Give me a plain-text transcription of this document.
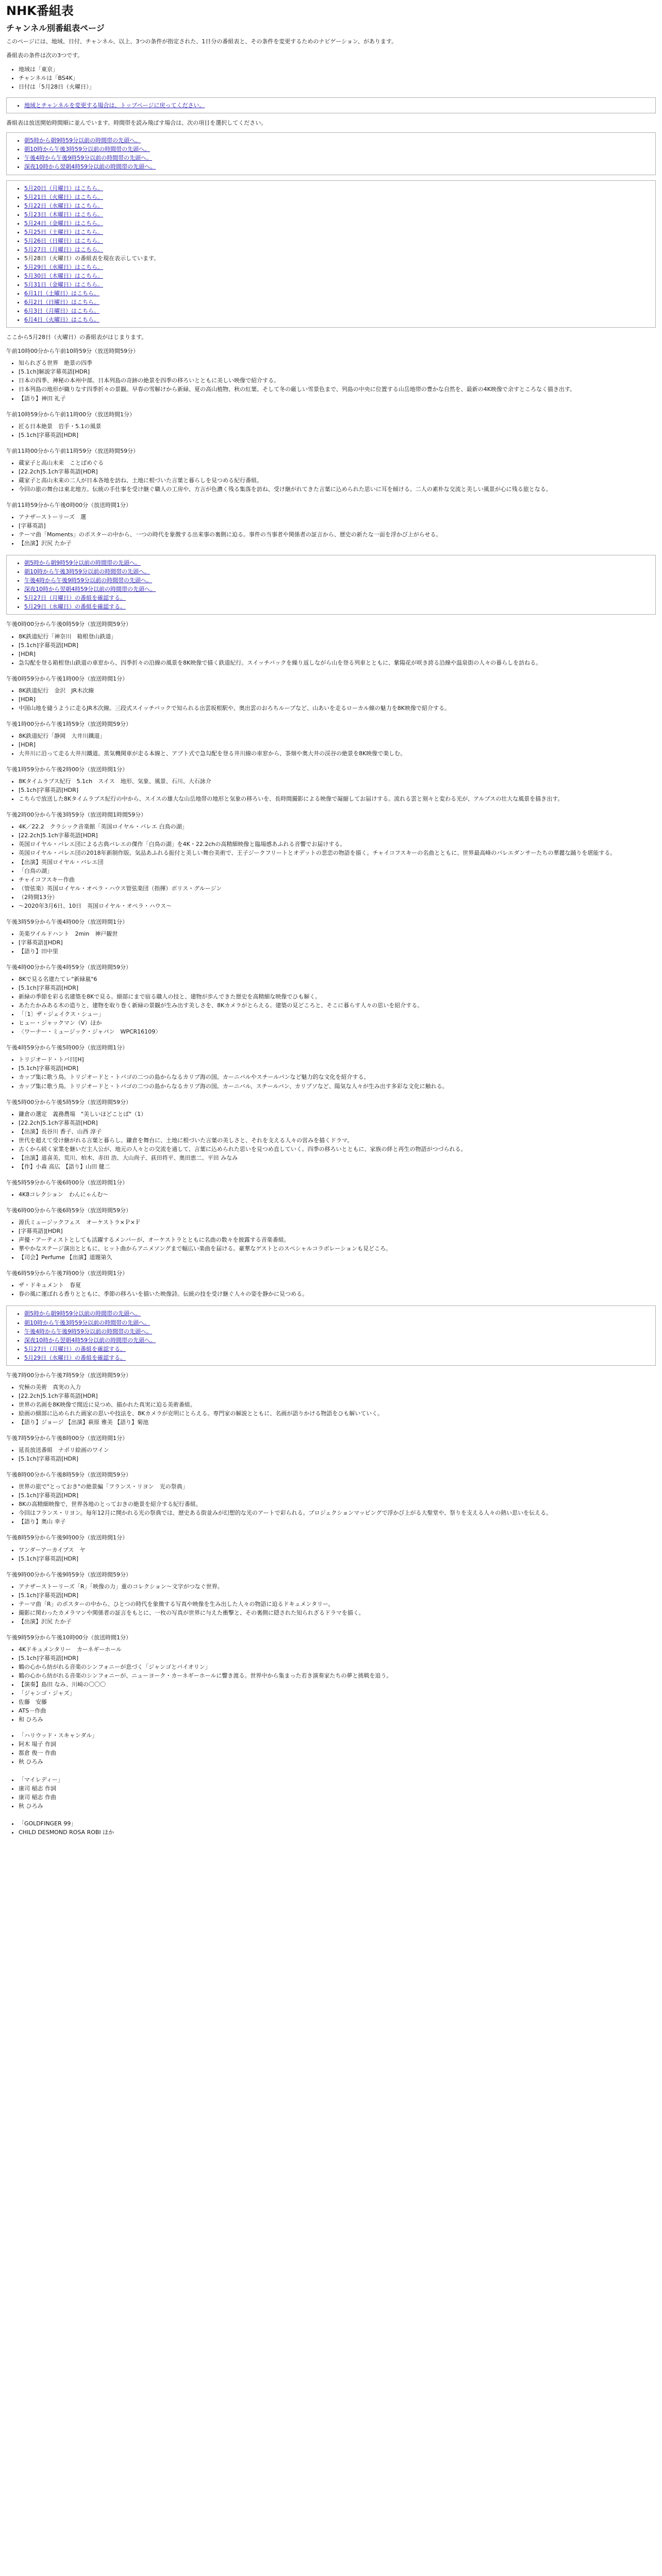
NHK番組表
チャンネル別番組表ページ

このページには、地域、日付、チャンネル、以上、3つの条件が指定された、1日分の番組表と、その条件を変更するためのナビゲーション、があります。

番組表の条件は次の3つです。

• 地域は「東京」
• チャンネルは「BS4K」
• 日付は「5月28日（火曜日）」
• 地域とチャンネルを変更する場合は、トップページに戻ってください。

番組表は放送開始時間順に並んでいます。時間帯を読み飛ばす場合は、次の項目を選択してください。

• 朝5時から朝9時59分以前の時間帯の先頭へ。
• 朝10時から午後3時59分以前の時間帯の先頭へ。
• 午後4時から午後9時59分以前の時間帯の先頭へ。
• 深夜10時から翌朝4時59分以前の時間帯の先頭へ。
• 5月20日（月曜日）はこちら。
• 5月21日（火曜日）はこちら。
• 5月22日（水曜日）はこちら。
• 5月23日（木曜日）はこちら。
• 5月24日（金曜日）はこちら。
• 5月25日（土曜日）はこちら。
• 5月26日（日曜日）はこちら。
• 5月27日（月曜日）はこちら。
• 5月28日（火曜日）の番組表を現在表示しています。
• 5月29日（水曜日）はこちら。
• 5月30日（木曜日）はこちら。
• 5月31日（金曜日）はこちら。
• 6月1日（土曜日）はこちら。
• 6月2日（日曜日）はこちら。
• 6月3日（月曜日）はこちら。
• 6月4日（火曜日）はこちら。

ここから5月28日（火曜日）の番組表がはじまります。

午前10時00分から午前10時59分（放送時間59分）

• 知られざる世界　絶景の四季
• [5.1ch]解説字幕英語[HDR]
• 日本の四季、神秘の本州中部。日本列島の奇跡の絶景を四季の移ろいとともに美しい映像で紹介する。
• 日本列島の地形が織りなす四季折々の景観。早春の雪解けから新緑、夏の高山植物、秋の紅葉、そして冬の厳しい雪景色まで、列島の中央に位置する山岳地帯の豊かな自然を、最新の4K映像で余すところなく描き出す。
• 【語り】神田 礼子

午前10時59分から午前11時00分（放送時間1分）

• 匠る日本絶景　岩手・5.1の風景
• [5.1ch]字幕英語[HDR]

午前11時00分から午前11時59分（放送時間59分）

• 蔵家子と高山未来　ことばめぐる
• [22.2ch]5.1ch字幕英語[HDR]
• 蔵家子と高山未来の二人が日本各地を訪ね、土地に根づいた言葉と暮らしを見つめる紀行番組。
• 今回の旅の舞台は東北地方。伝統の手仕事を受け継ぐ職人の工房や、方言が色濃く残る集落を訪ね、受け継がれてきた言葉に込められた思いに耳を傾ける。二人の素朴な交流と美しい風景が心に残る旅となる。

午前11時59分から午後0時00分（放送時間1分）

• アナザーストーリーズ　選
• [字幕英語]
• テーマ曲「Moments」のポスターの中から、一つの時代を象徴する出来事の裏側に迫る。事件の当事者や関係者の証言から、歴史の新たな一面を浮かび上がらせる。
• 【出演】沢尻 たか子
• 朝5時から朝9時59分以前の時間帯の先頭へ。
• 朝10時から午後3時59分以前の時間帯の先頭へ。
• 午後4時から午後9時59分以前の時間帯の先頭へ。
• 深夜10時から翌朝4時59分以前の時間帯の先頭へ。
• 5月27日（月曜日）の番組を確認する。
• 5月29日（水曜日）の番組を確認する。

午後0時00分から午後0時59分（放送時間59分）

• 8K鉄道紀行「神奈川　箱根登山鉄道」
• [5.1ch]字幕英語[HDR]
• [HDR]
• 急勾配を登る箱根登山鉄道の車窓から、四季折々の沿線の風景を8K映像で描く鉄道紀行。スイッチバックを繰り返しながら山を登る列車とともに、紫陽花が咲き誇る沿線や温泉街の人々の暮らしを訪ねる。

午後0時59分から午後1時00分（放送時間1分）

• 8K鉄道紀行　金沢　JR木次線
• [HDR]
• 中国山地を縫うように走るJR木次線。三段式スイッチバックで知られる出雲坂根駅や、奥出雲のおろちループなど、山あいを走るローカル線の魅力を8K映像で紹介する。

午後1時00分から午後1時59分（放送時間59分）

• 8K鉄道紀行「静岡　大井川鐵道」
• [HDR]
• 大井川に沿って走る大井川鐵道。蒸気機関車が走る本線と、アプト式で急勾配を登る井川線の車窓から、茶畑や奥大井の渓谷の絶景を8K映像で楽しむ。

午後1時59分から午後2時00分（放送時間1分）

• 8Kタイムラプス紀行　5.1ch　スイス　地形、気象、風景、石川、大石詠介
• [5.1ch]字幕英語[HDR]
• こちらで放送した8Kタイムラプス紀行の中から、スイスの雄大な山岳地帯の地形と気象の移ろいを、長時間撮影による映像で凝縮してお届けする。流れる雲と刻々と変わる光が、アルプスの壮大な風景を描き出す。

午後2時00分から午後3時59分（放送時間1時間59分）

• 4K／22.2　クラシック音楽館「英国ロイヤル・バレエ 白鳥の湖」
• [22.2ch]5.1ch字幕英語[HDR]
• 英国ロイヤル・バレエ団による古典バレエの傑作「白鳥の湖」を4K・22.2chの高精細映像と臨場感あふれる音響でお届けする。
• 英国ロイヤル・バレエ団の2018年新制作版。気品あふれる振付と美しい舞台美術で、王子ジークフリートとオデットの悲恋の物語を描く。チャイコフスキーの名曲とともに、世界最高峰のバレエダンサーたちの華麗な踊りを堪能する。
• 【出演】英国ロイヤル・バレエ団
• 「白鳥の湖」
• チャイコフスキー作曲
• （管弦楽）英国ロイヤル・オペラ・ハウス管弦楽団（指揮）ボリス・グルージン
• （2時間13分）
• ～2020年3月6日、10日　英国ロイヤル・オペラ・ハウス～

午後3時59分から午後4時00分（放送時間1分）

• 美楽ワイルドハント　2min　神戸観世
• [字幕英語][HDR]
• 【語り】田中里

午後4時00分から午後4時59分（放送時間59分）

• 8Kで見る名建たてレ"新緑嵐"6
• [5.1ch]字幕英語[HDR]
• 新緑の季節を彩る名建築を8Kで見る。細部にまで宿る職人の技と、建物が歩んできた歴史を高精細な映像でひも解く。
• あたたかみある木の造りと、建物を取り巻く新緑の景観が生み出す美しさを、8Kカメラがとらえる。建築の見どころと、そこに暮らす人々の思いを紹介する。
• 「〔1〕ザ・ジェイクス・シュー」
• ヒュー・ジャックマン（V）ほか
• 〈ワーナー・ミュージック・ジャパン　WPCR16109〉

午後4時59分から午後5時00分（放送時間1分）

• トリジオード・トバ日[H]
• [5.1ch]字幕英語[HDR]
• カップ集に歌う鳥。トリジオードと・トバゴの二つの島からなるカリブ海の国。カーニバルやスチールパンなど魅力的な文化を紹介する。
• カップ集に歌う鳥。トリジオードと・トバゴの二つの島からなるカリブ海の国。カーニバル、スチールパン、カリプソなど、陽気な人々が生み出す多彩な文化に触れる。

午後5時00分から午後5時59分（放送時間59分）

• 鎌倉の選定　義務農場　"美しいほどことば"（1）
• [22.2ch]5.1ch字幕英語[HDR]
• 【出演】長谷川 香子、山西 淳子
• 世代を超えて受け継がれる言葉と暮らし。鎌倉を舞台に、土地に根づいた言葉の美しさと、それを支える人々の営みを描くドラマ。
• 古くから続く家業を継いだ主人公が、地元の人々との交流を通して、言葉に込められた思いを見つめ直していく。四季の移ろいとともに、家族の絆と再生の物語がつづられる。
• 【出演】道喜美、荒川、柏木、赤田 浩、大山尚子、荻田将平、奥田恵二、平田 みなみ
• 【作】小森 高広　【語り】山田 健二

午後5時59分から午後6時00分（放送時間1分）

• 4K8コレクション　わんにゃんむ～

午後6時00分から午後6時59分（放送時間59分）

• 源氏ミュージックフェス　オーケストラ×Ｐ×Ｆ
• [字幕英語][HDR]
• 声優・アーティストとしても活躍するメンバーが、オーケストラとともに名曲の数々を披露する音楽番組。
• 華やかなステージ演出とともに、ヒット曲からアニメソングまで幅広い楽曲を届ける。豪華なゲストとのスペシャルコラボレーションも見どころ。
• 【司会】Perfume 【出演】道題第久

午後6時59分から午後7時00分（放送時間1分）

• ザ・ドキュメント　春夏
• 春の風に運ばれる香りとともに、季節の移ろいを描いた映像詩。伝統の技を受け継ぐ人々の姿を静かに見つめる。
• 朝5時から朝9時59分以前の時間帯の先頭へ。
• 朝10時から午後3時59分以前の時間帯の先頭へ。
• 午後4時から午後9時59分以前の時間帯の先頭へ。
• 深夜10時から翌朝4時59分以前の時間帯の先頭へ。
• 5月27日（月曜日）の番組を確認する。
• 5月29日（水曜日）の番組を確認する。

午後7時00分から午後7時59分（放送時間59分）

• 究極の美術　真実の入力
• [22.2ch]5.1ch字幕英語[HDR]
• 世界の名画を8K映像で間近に見つめ、描かれた真実に迫る美術番組。
• 絵画の細部に込められた画家の思いや技法を、8Kカメラが克明にとらえる。専門家の解説とともに、名画が語りかける物語をひも解いていく。
• 【語り】ジョージ 【出演】萩原 雅美 【語り】菊池

午後7時59分から午後8時00分（放送時間1分）

• 延長放送番組　ナポリ絵画のワイン
• [5.1ch]字幕英語[HDR]

午後8時00分から午後8時59分（放送時間59分）

• 世界の旅で"とっておき"の絶景編「フランス・リヨン　光の祭典」
• [5.1ch]字幕英語[HDR]
• 8Kの高精細映像で、世界各地のとっておきの絶景を紹介する紀行番組。
• 今回はフランス・リヨン。毎年12月に開かれる光の祭典では、歴史ある街並みが幻想的な光のアートで彩られる。プロジェクションマッピングで浮かび上がる大聖堂や、祭りを支える人々の熱い思いを伝える。
• 【語り】奥山 幸子

午後8時59分から午後9時00分（放送時間1分）

• ワンダーアーカイブス　ヤ
• [5.1ch]字幕英語[HDR]

午後9時00分から午後9時59分（放送時間59分）

• アナザーストーリーズ「R」「映像の力」重のコレクション～文字がつなぐ世界。
• [5.1ch]字幕英語[HDR]
• テーマ曲「R」のポスターの中から、ひとつの時代を象徴する写真や映像を生み出した人々の物語に迫るドキュメンタリー。
• 撮影に関わったカメラマンや関係者の証言をもとに、一枚の写真が世界に与えた衝撃と、その裏側に隠された知られざるドラマを描く。
• 【出演】沢尻 たか子

午後9時59分から午後10時00分（放送時間1分）

• 4Kドキュメンタリー　カーネギーホール
• [5.1ch]字幕英語[HDR]
• 鶴の心から紡がれる音楽のシンフォニーが息づく「ジャンゴとバイオリン」
• 鶴の心から紡がれる音楽のシンフォニーが、ニューヨーク・カーネギーホールに響き渡る。世界中から集まった若き演奏家たちの夢と挑戦を追う。
• 【演奏】島田 なみ、川崎の〇〇〇
• 「ジャンゴ・ジャズ」
• 佐藤　安藤
• ATS－作曲
• 和 ひろみ
• 「ハリウッド・スキャンダル」
• 阿木 場子 作詞
• 都倉 俊一 作曲
• 秋 ひろみ

• 「マイレディー」
• 康司 稲志 作詞
• 康司 稲志 作曲
• 秋 ひろみ

• 「GOLDFINGER 99」
• CHILD DESMOND ROSA ROBI ほか
